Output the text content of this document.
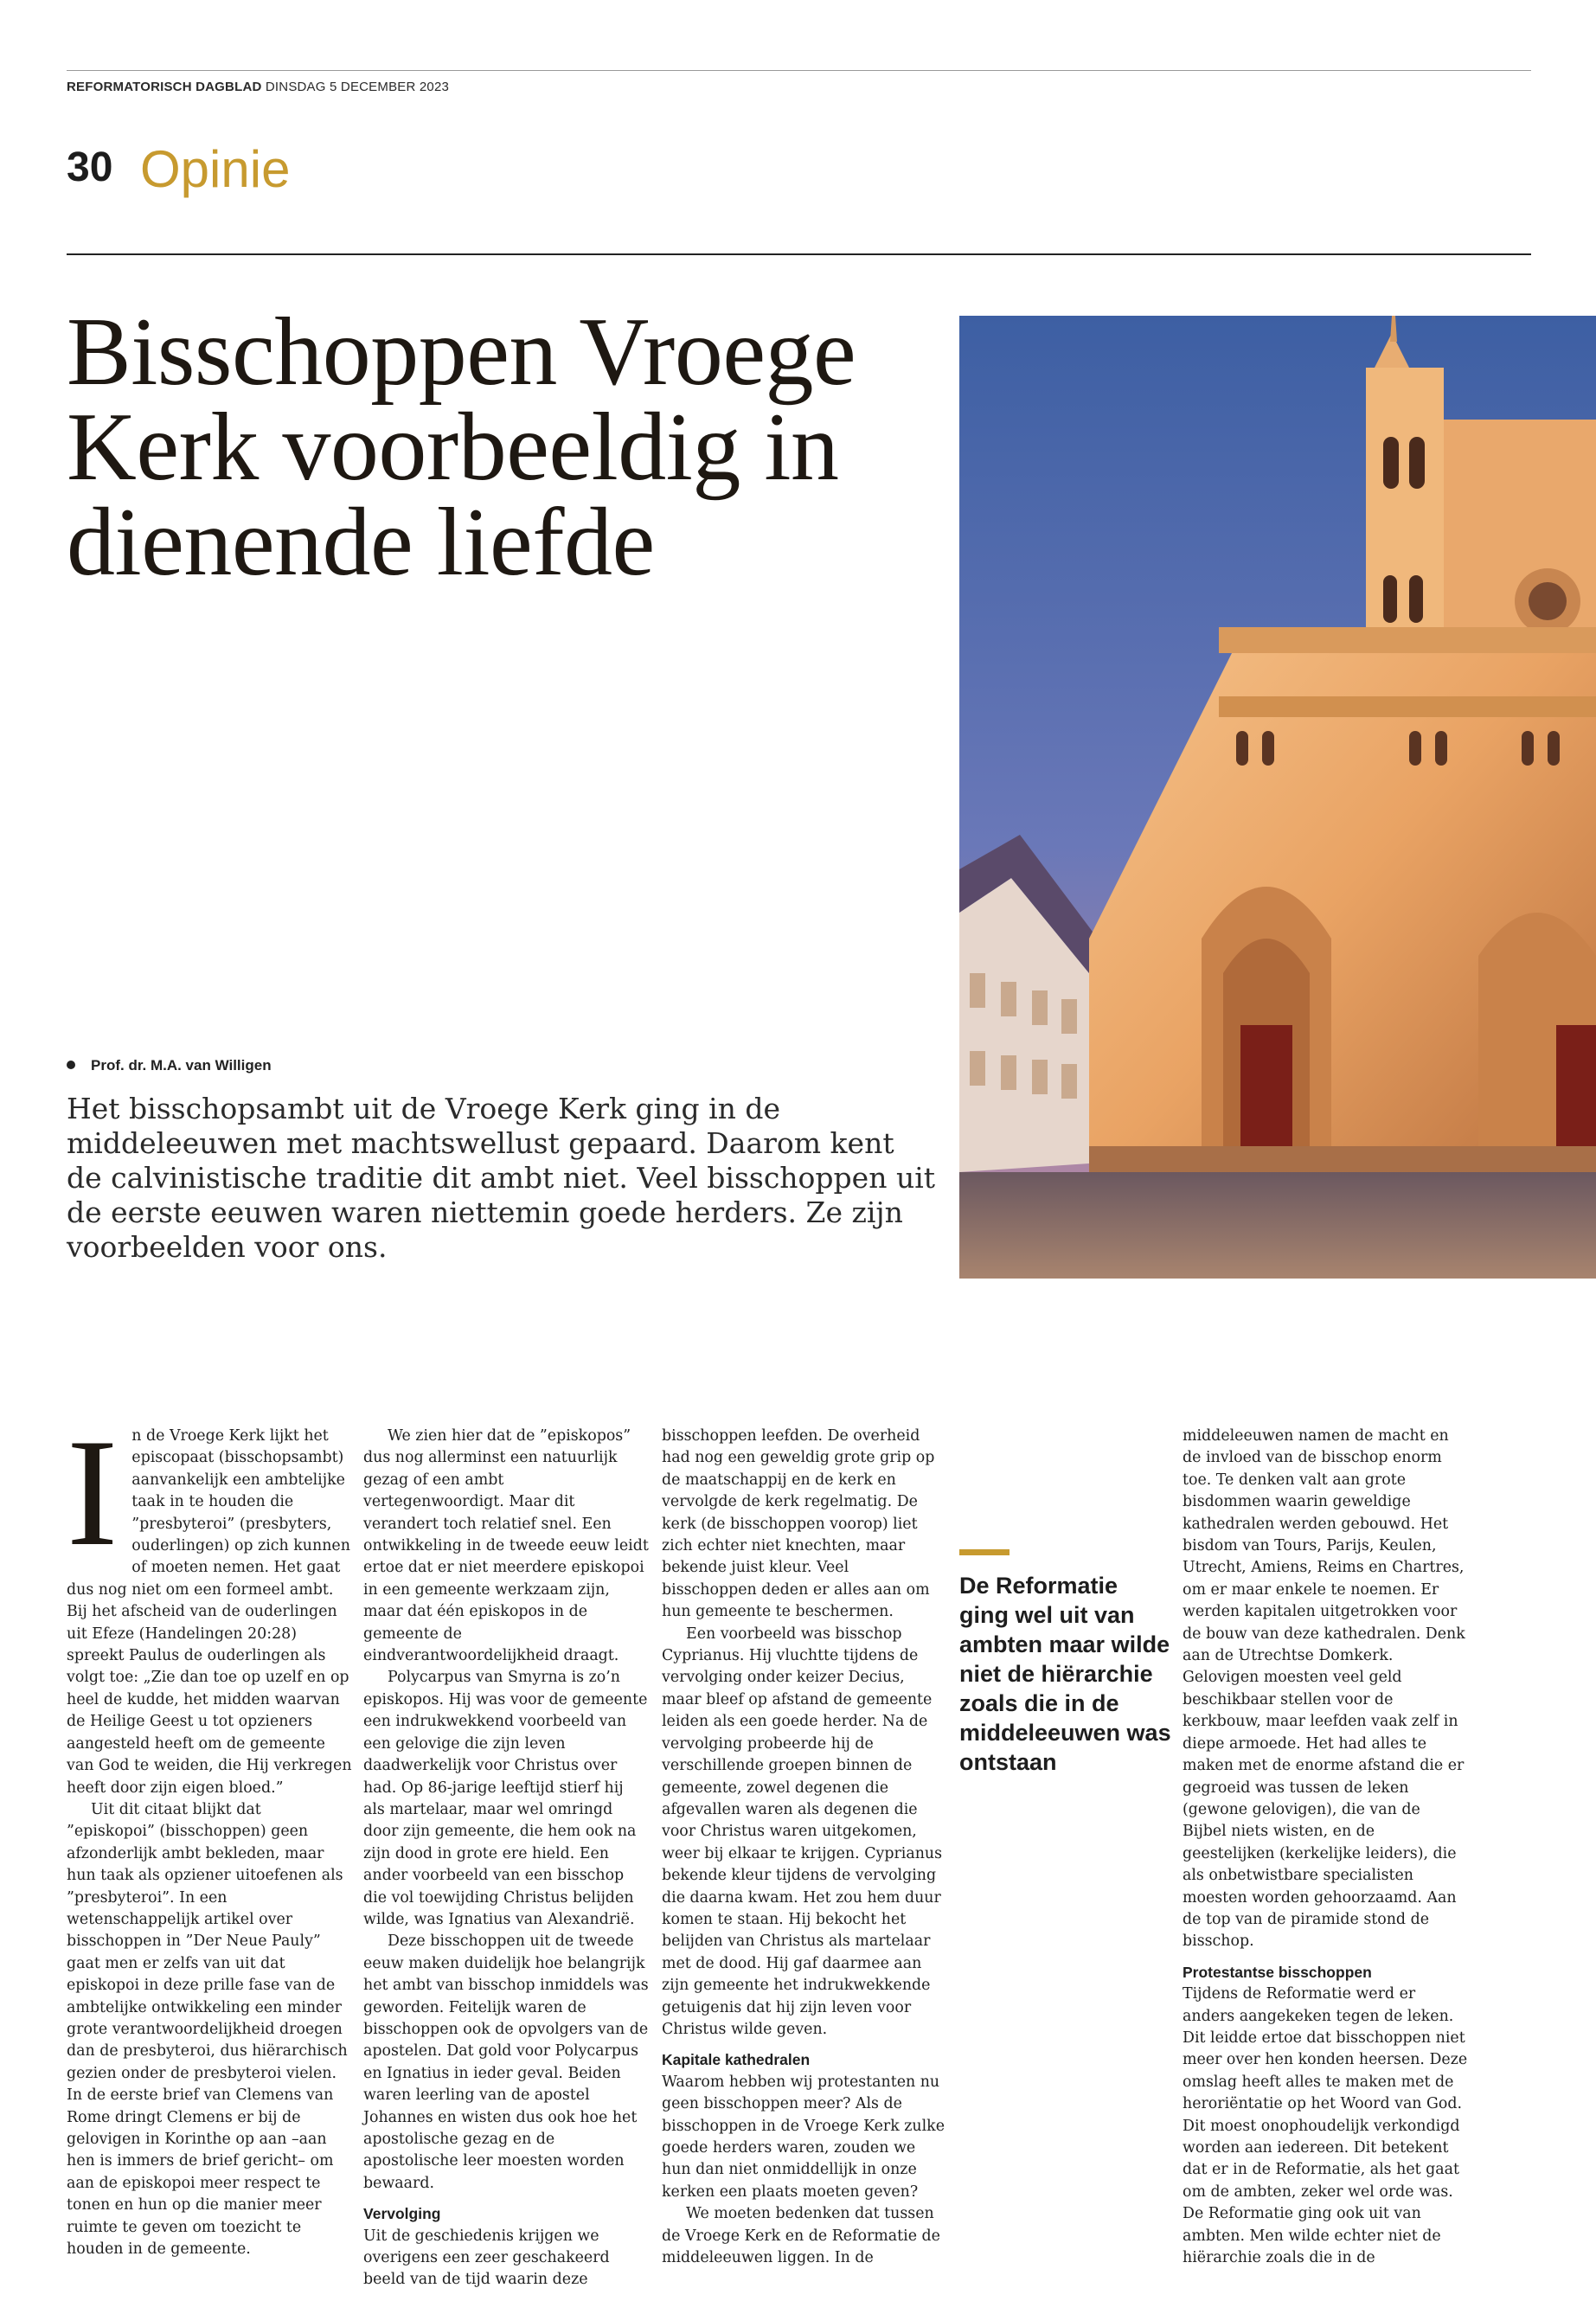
REFORMATORISCH DAGBLAD DINSDAG 5 DECEMBER 2023
30 Opinie
Bisschoppen Vroege Kerk voorbeeldig in dienende liefde
Prof. dr. M.A. van Willigen

Het bisschopsambt uit de Vroege Kerk ging in de middeleeuwen met machtswellust gepaard. Daarom kent de calvinistische traditie dit ambt niet. Veel bisschoppen uit de eerste eeuwen waren niettemin goede herders. Ze zijn voorbeelden voor ons.

I n de Vroege Kerk lijkt het episcopaat (bisschopsambt) aanvankelijk een ambtelijke taak in te houden die ”presbyteroi” (presbyters, ouderlingen) op zich kunnen of moeten nemen. Het gaat dus nog niet om een formeel ambt. Bij het afscheid van de ouderlingen uit Efeze (Handelingen 20:28) spreekt Paulus de ouderlingen als volgt toe: „Ziе dan toe op uzelf en op heel de kudde, het midden waarvan de Heilige Geest u tot opzieners aangesteld heeft om de gemeente van God te weiden, die Hij verkregen heeft door zijn eigen bloed.”

Uit dit citaat blijkt dat ”episkopoi” (bisschoppen) geen afzonderlijk ambt bekleden, maar hun taak als opziener uitoefenen als ”presbyteroi”. In een wetenschappelijk artikel over bisschoppen in ”Der Neue Pauly” gaat men er zelfs van uit dat episkopoi in deze prille fase van de ambtelijke ontwikkeling een minder grote verantwoordelijkheid droegen dan de presbyteroi, dus hiërarchisch gezien onder de presbyteroi vielen. In de eerste brief van Clemens van Rome dringt Clemens er bij de gelovigen in Korinthe op aan –aan hen is immers de brief gericht– om aan de episkopoi meer respect te tonen en hun op die manier meer ruimte te geven om toezicht te houden in de gemeente.

We zien hier dat de ”episkopos” dus nog allerminst een natuurlijk gezag of een ambt vertegenwoordigt. Maar dit verandert toch relatief snel. Een ontwikkeling in de tweede eeuw leidt ertoe dat er niet meerdere episkopoi in een gemeente werkzaam zijn, maar dat één episkopos in de gemeente de eindverantwoordelijkheid draagt.

Polycarpus van Smyrna is zo’n episkopos. Hij was voor de gemeente een indrukwekkend voorbeeld van een gelovige die zijn leven daadwerkelijk voor Christus over had. Op 86-jarige leeftijd stierf hij als martelaar, maar wel omringd door zijn gemeente, die hem ook na zijn dood in grote ere hield. Een ander voorbeeld van een bisschop die vol toewijding Christus belijden wilde, was Ignatius van Alexandrië.

Deze bisschoppen uit de tweede eeuw maken duidelijk hoe belangrijk het ambt van bisschop inmiddels was geworden. Feitelijk waren de bisschoppen ook de opvolgers van de apostelen. Dat gold voor Polycarpus en Ignatius in ieder geval. Beiden waren leerling van de apostel Johannes en wisten dus ook hoe het apostolische gezag en de apostolische leer moesten worden bewaard.

Vervolging

Uit de geschiedenis krijgen we overigens een zeer geschakeerd beeld van de tijd waarin deze

bisschoppen leefden. De overheid had nog een geweldig grote grip op de maatschappij en de kerk en vervolgde de kerk regelmatig. De kerk (de bisschoppen voorop) liet zich echter niet knechten, maar bekende juist kleur. Veel bisschoppen deden er alles aan om hun gemeente te beschermen.

Een voorbeeld was bisschop Cyprianus. Hij vluchtte tijdens de vervolging onder keizer Decius, maar bleef op afstand de gemeente leiden als een goede herder. Na de vervolging probeerde hij de verschillende groepen binnen de gemeente, zowel degenen die afgevallen waren als degenen die voor Christus waren uitgekomen, weer bij elkaar te krijgen. Cyprianus bekende kleur tijdens de vervolging die daarna kwam. Het zou hem duur komen te staan. Hij bekocht het belijden van Christus als martelaar met de dood. Hij gaf daarmee aan zijn gemeente het indrukwekkende getuigenis dat hij zijn leven voor Christus wilde geven.

Kapitale kathedralen

Waarom hebben wij protestanten nu geen bisschoppen meer? Als de bisschoppen in de Vroege Kerk zulke goede herders waren, zouden we hun dan niet onmiddellijk in onze kerken een plaats moeten geven?

We moeten bedenken dat tussen de Vroege Kerk en de Reformatie de middeleeuwen liggen. In de

De Reformatie ging wel uit van ambten maar wilde niet de hiërarchie zoals die in de middeleeuwen was ontstaan

middeleeuwen namen de macht en de invloed van de bisschop enorm toe. Te denken valt aan grote bisdommen waarin geweldige kathedralen werden gebouwd. Het bisdom van Tours, Parijs, Keulen, Utrecht, Amiens, Reims en Chartres, om er maar enkele te noemen. Er werden kapitalen uitgetrokken voor de bouw van deze kathedralen. Denk aan de Utrechtse Domkerk. Gelovigen moesten veel geld beschikbaar stellen voor de kerkbouw, maar leefden vaak zelf in diepe armoede. Het had alles te maken met de enorme afstand die er gegroeid was tussen de leken (gewone gelovigen), die van de Bijbel niets wisten, en de geestelijken (kerkelijke leiders), die als onbetwistbare specialisten moesten worden gehoorzaamd. Aan de top van de piramide stond de bisschop.

Protestantse bisschoppen

Tijdens de Reformatie werd er anders aangekeken tegen de leken. Dit leidde ertoe dat bisschoppen niet meer over hen konden heersen. Deze omslag heeft alles te maken met de heroriëntatie op het Woord van God. Dit moest onophoudelijk verkondigd worden aan iedereen. Dit betekent dat er in de Reformatie, als het gaat om de ambten, zeker wel orde was. De Reformatie ging ook uit van ambten. Men wilde echter niet de hiërarchie zoals die in de
